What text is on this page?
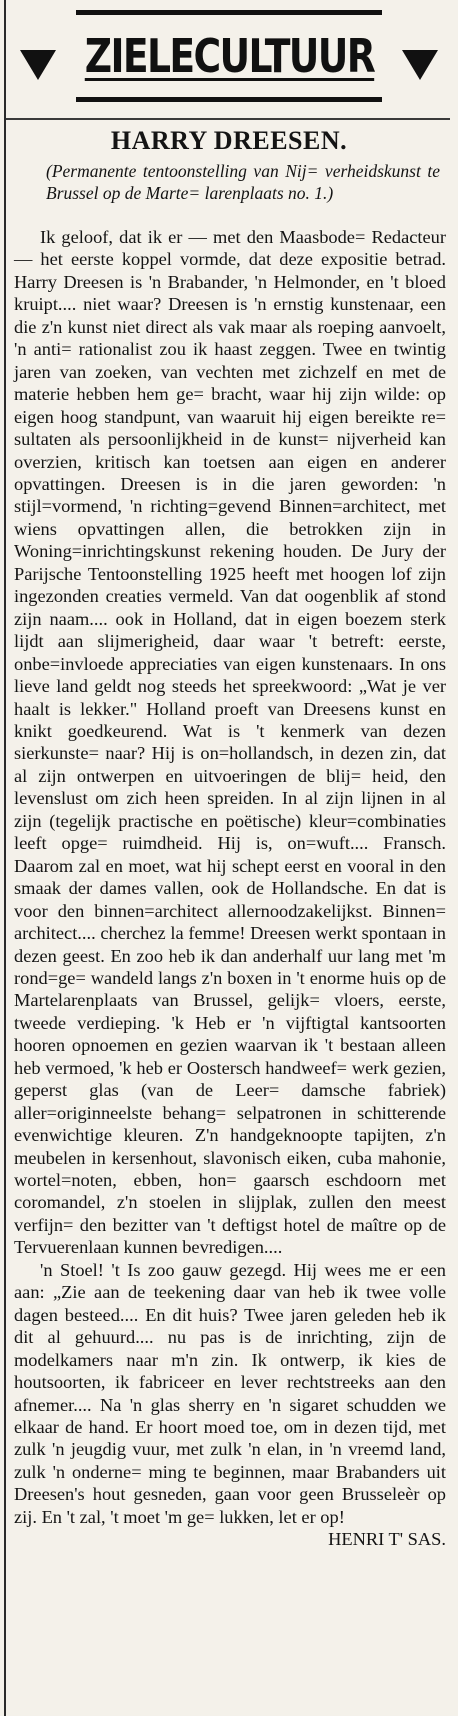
ZIELECULTUUR
HARRY DREESEN.
(Permanente tentoonstelling van Nij= verheidskunst te Brussel op de Marte= larenplaats no. 1.)

Ik geloof, dat ik er — met den Maasbode= Redacteur — het eerste koppel vormde, dat deze expositie betrad. Harry Dreesen is 'n Brabander, 'n Helmonder, en 't bloed kruipt.... niet waar? Dreesen is 'n ernstig kunstenaar, een die z'n kunst niet direct als vak maar als roeping aanvoelt, 'n anti= rationalist zou ik haast zeggen. Twee en twintig jaren van zoeken, van vechten met zichzelf en met de materie hebben hem ge= bracht, waar hij zijn wilde: op eigen hoog standpunt, van waaruit hij eigen bereikte re= sultaten als persoonlijkheid in de kunst= nijverheid kan overzien, kritisch kan toetsen aan eigen en anderer opvattingen. Dreesen is in die jaren geworden: 'n stijl=vormend, 'n richting=gevend Binnen=architect, met wiens opvattingen allen, die betrokken zijn in Woning=inrichtingskunst rekening houden. De Jury der Parijsche Tentoonstelling 1925 heeft met hoogen lof zijn ingezonden creaties vermeld. Van dat oogenblik af stond zijn naam.... ook in Holland, dat in eigen boezem sterk lijdt aan slijmerigheid, daar waar 't betreft: eerste, onbe=invloede appreciaties van eigen kunstenaars. In ons lieve land geldt nog steeds het spreekwoord: „Wat je ver haalt is lekker." Holland proeft van Dreesens kunst en knikt goedkeurend. Wat is 't kenmerk van dezen sierkunste= naar? Hij is on=hollandsch, in dezen zin, dat al zijn ontwerpen en uitvoeringen de blij= heid, den levenslust om zich heen spreiden. In al zijn lijnen in al zijn (tegelijk practische en poëtische) kleur=combinaties leeft opge= ruimdheid. Hij is, on=wuft.... Fransch. Daarom zal en moet, wat hij schept eerst en vooral in den smaak der dames vallen, ook de Hollandsche. En dat is voor den binnen=architect allernoodzakelijkst. Binnen= architect.... cherchez la femme! Dreesen werkt spontaan in dezen geest. En zoo heb ik dan anderhalf uur lang met 'm rond=ge= wandeld langs z'n boxen in 't enorme huis op de Martelarenplaats van Brussel, gelijk= vloers, eerste, tweede verdieping. 'k Heb er 'n vijftigtal kantsoorten hooren opnoemen en gezien waarvan ik 't bestaan alleen heb vermoed, 'k heb er Oostersch handweef= werk gezien, geperst glas (van de Leer= damsche fabriek) aller=originneelste behang= selpatronen in schitterende evenwichtige kleuren. Z'n handgeknoopte tapijten, z'n meubelen in kersenhout, slavonisch eiken, cuba mahonie, wortel=noten, ebben, hon= gaarsch eschdoorn met coromandel, z'n stoelen in slijplak, zullen den meest verfijn= den bezitter van 't deftigst hotel de maître op de Tervuerenlaan kunnen bevredigen....

'n Stoel! 't Is zoo gauw gezegd. Hij wees me er een aan: „Zie aan de teekening daar van heb ik twee volle dagen besteed.... En dit huis? Twee jaren geleden heb ik dit al gehuurd.... nu pas is de inrichting, zijn de modelkamers naar m'n zin. Ik ontwerp, ik kies de houtsoorten, ik fabriceer en lever rechtstreeks aan den afnemer.... Na 'n glas sherry en 'n sigaret schudden we elkaar de hand. Er hoort moed toe, om in dezen tijd, met zulk 'n jeugdig vuur, met zulk 'n elan, in 'n vreemd land, zulk 'n onderne= ming te beginnen, maar Brabanders uit Dreesen's hout gesneden, gaan voor geen Brusseleèr op zij. En 't zal, 't moet 'm ge= lukken, let er op!

HENRI T' SAS.
